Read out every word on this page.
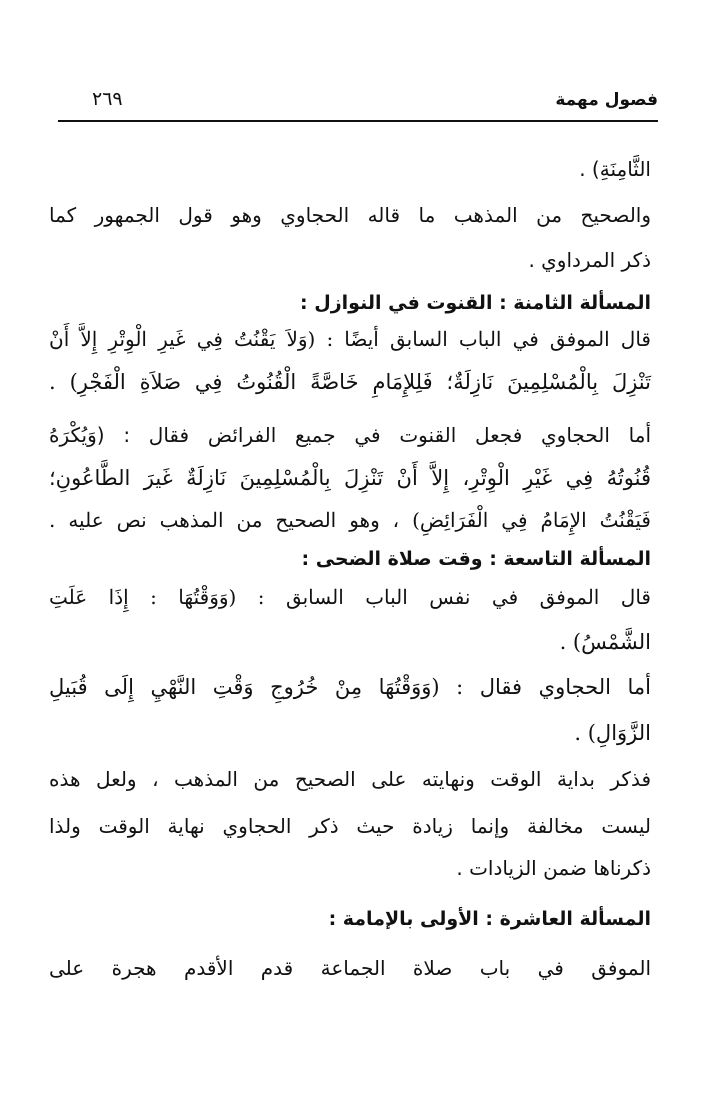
فصول مهمة
٢٦٩
الثَّامِنَةِ) .
والصحيح من المذهب ما قاله الحجاوي وهو قول الجمهور كما
ذكر المرداوي .
المسألة الثامنة : القنوت في النوازل :
قال الموفق في الباب السابق أيضًا : (وَلاَ يَقْنُتُ فِي غَيرِ الْوِتْرِ إِلاَّ أَنْ
تَنْزِلَ بِالْمُسْلِمِينَ نَازِلَةٌ؛ فَلِلإِمَامِ خَاصَّةً الْقُنُوتُ فِي صَلاَةِ الْفَجْرِ) .
أما الحجاوي فجعل القنوت في جميع الفرائض فقال : (وَيُكْرَهُ
قُنُوتُهُ فِي غَيْرِ الْوِتْرِ، إِلاَّ أَنْ تَنْزِلَ بِالْمُسْلِمِينَ نَازِلَةٌ غَيرَ الطَّاعُونِ؛
فَيَقْنُتُ الإِمَامُ فِي الْفَرَائِضِ) ، وهو الصحيح من المذهب نص عليه .
المسألة التاسعة : وقت صلاة الضحى :
قال الموفق في نفس الباب السابق : (وَوَقْتُهَا : إِذَا عَلَتِ
الشَّمْسُ) .
أما الحجاوي فقال : (وَوَقْتُهَا مِنْ خُرُوجِ وَقْتِ النَّهْيِ إِلَى قُبَيلِ
الزَّوَالِ) .
فذكر بداية الوقت ونهايته على الصحيح من المذهب ، ولعل هذه
ليست مخالفة وإنما زيادة حيث ذكر الحجاوي نهاية الوقت ولذا
ذكرناها ضمن الزيادات .
المسألة العاشرة : الأولى بالإمامة :
الموفق في باب صلاة الجماعة قدم الأقدم هجرة على
